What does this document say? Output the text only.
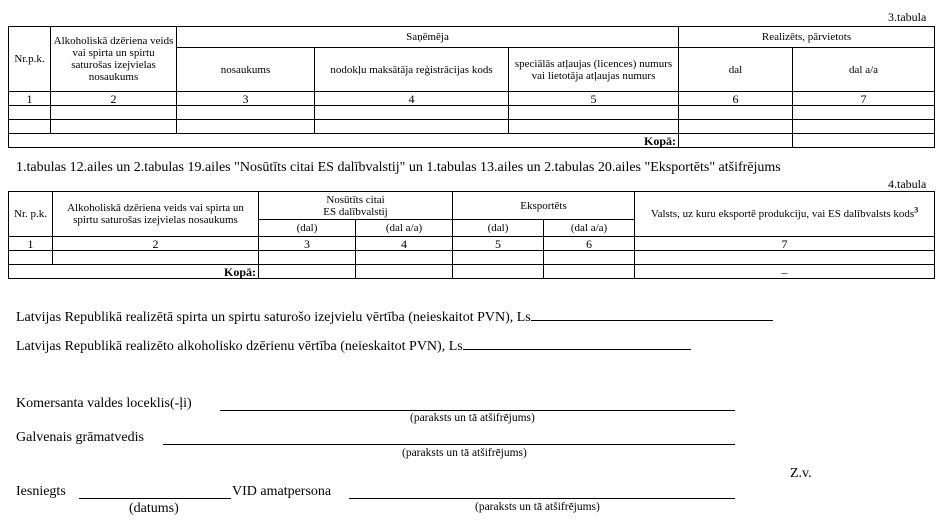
3.tabula
Nr.p.k.	Alkoholiskā dzēriena veids vai spirta un spirtu saturošas izejvielas nosaukums	Saņēmēja			Realizēts, pārvietots	
		nosaukums	nodokļu maksātāja reģistrācijas kods	speciālās atļaujas (licences) numurs vai lietotāja atļaujas numurs	dal	dal a/a
1	2	3	4	5	6	7

Kopā:						
1.tabulas 12.ailes un 2.tabulas 19.ailes "Nosūtīts citai ES dalībvalstij" un 1.tabulas 13.ailes un 2.tabulas 20.ailes "Eksportēts" atšifrējums
4.tabula
Nr. p.k.	Alkoholiskā dzēriena veids vai spirta un spirtu saturošas izejvielas nosaukums	Nosūtīts citai
ES dalībvalstij		Eksportēts		Valsts, uz kuru eksportē produkciju, vai ES dalībvalsts kods$^3$
		(dal)	(dal a/a)	(dal)	(dal a/a)	
1	2	3	4	5	6	7

Kopā:						–
Latvijas Republikā realizētā spirta un spirtu saturošo izejvielu vērtība (neieskaitot PVN), Ls
Latvijas Republikā realizēto alkoholisko dzērienu vērtība (neieskaitot PVN), Ls
Komersanta valdes loceklis(-ļi)
(paraksts un tā atšifrējums)
Galvenais grāmatvedis
(paraksts un tā atšifrējums)
Z.v.
Iesniegts
(datums)
VID amatpersona
(paraksts un tā atšifrējums)
